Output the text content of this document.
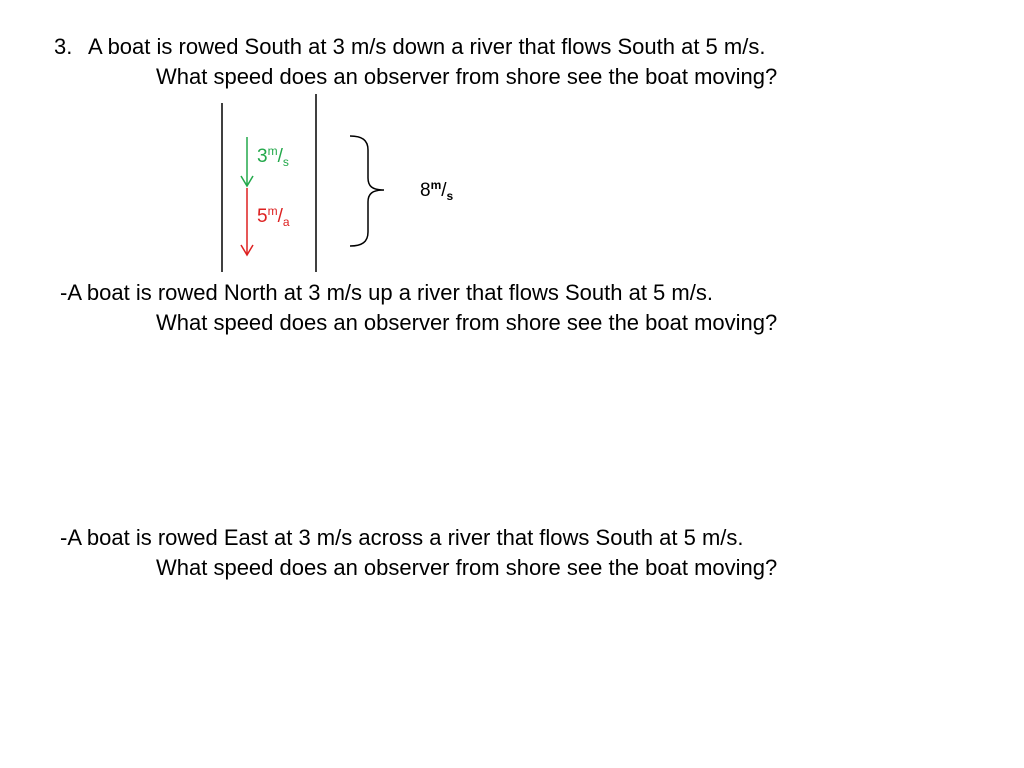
3. A boat is rowed South at 3 m/s down a river that flows South at 5 m/s.
What speed does an observer from shore see the boat moving?
$3^m/_s$
$5^m/_a$
$8^m/_s$
-A boat is rowed North at 3 m/s up a river that flows South at 5 m/s.
What speed does an observer from shore see the boat moving?
-A boat is rowed East at 3 m/s across a river that flows South at 5 m/s.
What speed does an observer from shore see the boat moving?
